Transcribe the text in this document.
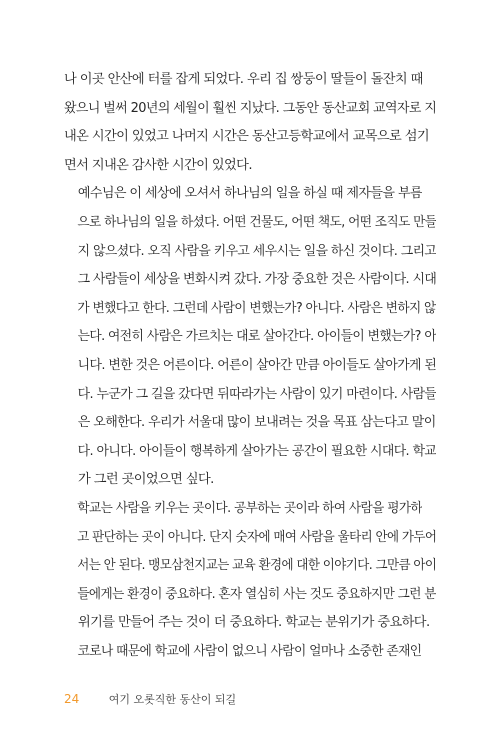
나 이곳 안산에 터를 잡게 되었다. 우리 집 쌍둥이 딸들이 돌잔치 때
왔으니 벌써 20년의 세월이 훨씬 지났다. 그동안 동산교회 교역자로 지
내온 시간이 있었고 나머지 시간은 동산고등학교에서 교목으로 섬기
면서 지내온 감사한 시간이 있었다.
예수님은 이 세상에 오셔서 하나님의 일을 하실 때 제자들을 부름
으로 하나님의 일을 하셨다. 어떤 건물도, 어떤 책도, 어떤 조직도 만들
지 않으셨다. 오직 사람을 키우고 세우시는 일을 하신 것이다. 그리고
그 사람들이 세상을 변화시켜 갔다. 가장 중요한 것은 사람이다. 시대
가 변했다고 한다. 그런데 사람이 변했는가? 아니다. 사람은 변하지 않
는다. 여전히 사람은 가르치는 대로 살아간다. 아이들이 변했는가? 아
니다. 변한 것은 어른이다. 어른이 살아간 만큼 아이들도 살아가게 된
다. 누군가 그 길을 갔다면 뒤따라가는 사람이 있기 마련이다. 사람들
은 오해한다. 우리가 서울대 많이 보내려는 것을 목표 삼는다고 말이
다. 아니다. 아이들이 행복하게 살아가는 공간이 필요한 시대다. 학교
가 그런 곳이었으면 싶다.
학교는 사람을 키우는 곳이다. 공부하는 곳이라 하여 사람을 평가하
고 판단하는 곳이 아니다. 단지 숫자에 매여 사람을 울타리 안에 가두어
서는 안 된다. 맹모삼천지교는 교육 환경에 대한 이야기다. 그만큼 아이
들에게는 환경이 중요하다. 혼자 열심히 사는 것도 중요하지만 그런 분
위기를 만들어 주는 것이 더 중요하다. 학교는 분위기가 중요하다.
코로나 때문에 학교에 사람이 없으니 사람이 얼마나 소중한 존재인
24	여기 오롯직한 동산이 되길
